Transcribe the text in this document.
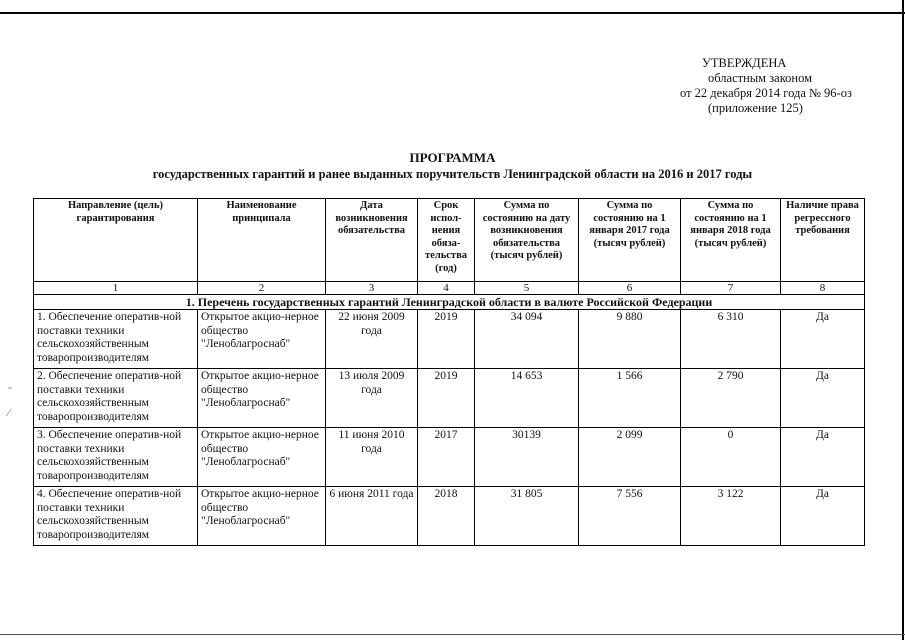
-
⁄
УТВЕРЖДЕНА
областным законом
от 22 декабря 2014 года № 96-оз
(приложение 125)
ПРОГРАММА
государственных гарантий и ранее выданных поручительств Ленинградской области на 2016 и 2017 годы
Направление (цель) гарантирования	Наименование принципала	Дата возникновения обязательства	Срок испол-нения обяза-тельства (год)	Сумма по состоянию на дату возникновения обязательства (тысяч рублей)	Сумма по состоянию на 1 января 2017 года (тысяч рублей)	Сумма по состоянию на 1 января 2018 года (тысяч рублей)	Наличие права регрессного требования
1	2	3	4	5	6	7	8
1. Перечень государственных гарантий Ленинградской области в валюте Российской Федерации							
1. Обеспечение оператив-ной поставки техники сельскохозяйственным товаропроизводителям	Открытое акцио-нерное общество "Леноблагроснаб"	22 июня 2009 года	2019	34 094	9 880	6 310	Да
2. Обеспечение оператив-ной поставки техники сельскохозяйственным товаропроизводителям	Открытое акцио-нерное общество "Леноблагроснаб"	13 июля 2009 года	2019	14 653	1 566	2 790	Да
3. Обеспечение оператив-ной поставки техники сельскохозяйственным товаропроизводителям	Открытое акцио-нерное общество "Леноблагроснаб"	11 июня 2010 года	2017	30139	2 099	0	Да
4. Обеспечение оператив-ной поставки техники сельскохозяйственным товаропроизводителям	Открытое акцио-нерное общество "Леноблагроснаб"	6 июня 2011 года	2018	31 805	7 556	3 122	Да
